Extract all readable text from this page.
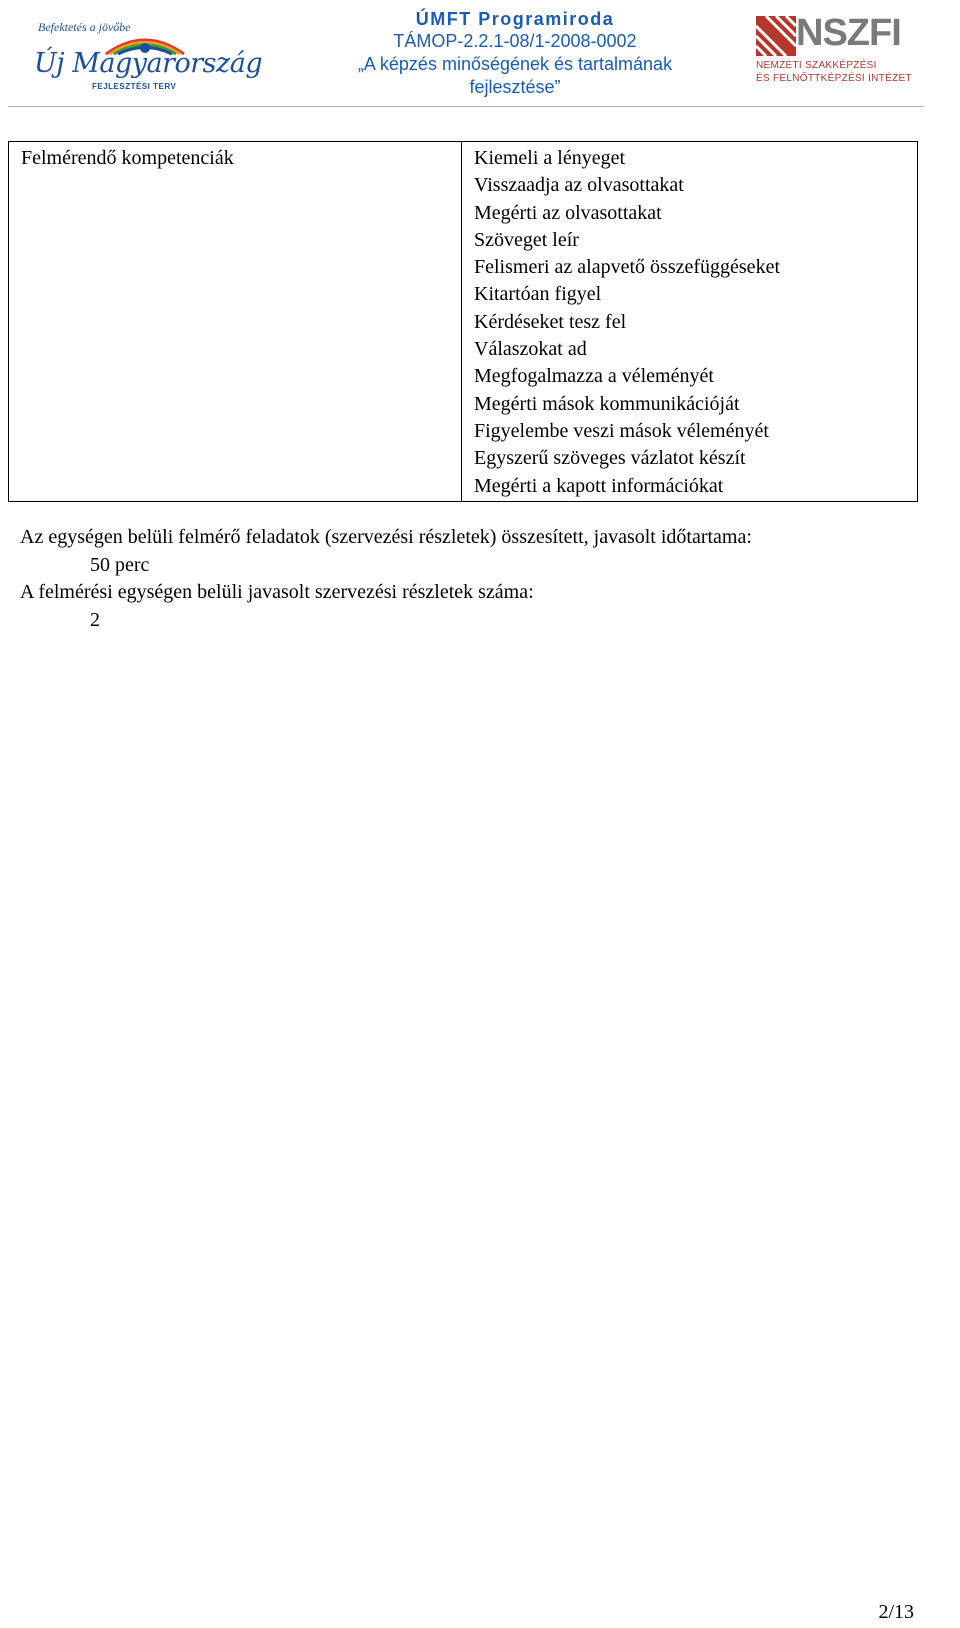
Befektetés a jövőbe
Új Magyarország
FEJLESZTÉSI TERV
ÚMFT Programiroda
TÁMOP-2.2.1-08/1-2008-0002
„A képzés minőségének és tartalmának
fejlesztése”
NSZFI
NEMZETI SZAKKÉPZÉSI
ÉS FELNŐTTKÉPZÉSI INTÉZET
Felmérendő kompetenciák	Kiemeli a lényeget
Visszaadja az olvasottakat
Megérti az olvasottakat
Szöveget leír
Felismeri az alapvető összefüggéseket
Kitartóan figyel
Kérdéseket tesz fel
Válaszokat ad
Megfogalmazza a véleményét
Megérti mások kommunikációját
Figyelembe veszi mások véleményét
Egyszerű szöveges vázlatot készít
Megérti a kapott információkat
Az egységen belüli felmérő feladatok (szervezési részletek) összesített, javasolt időtartama:
50 perc
A felmérési egységen belüli javasolt szervezési részletek száma:
2
2/13
